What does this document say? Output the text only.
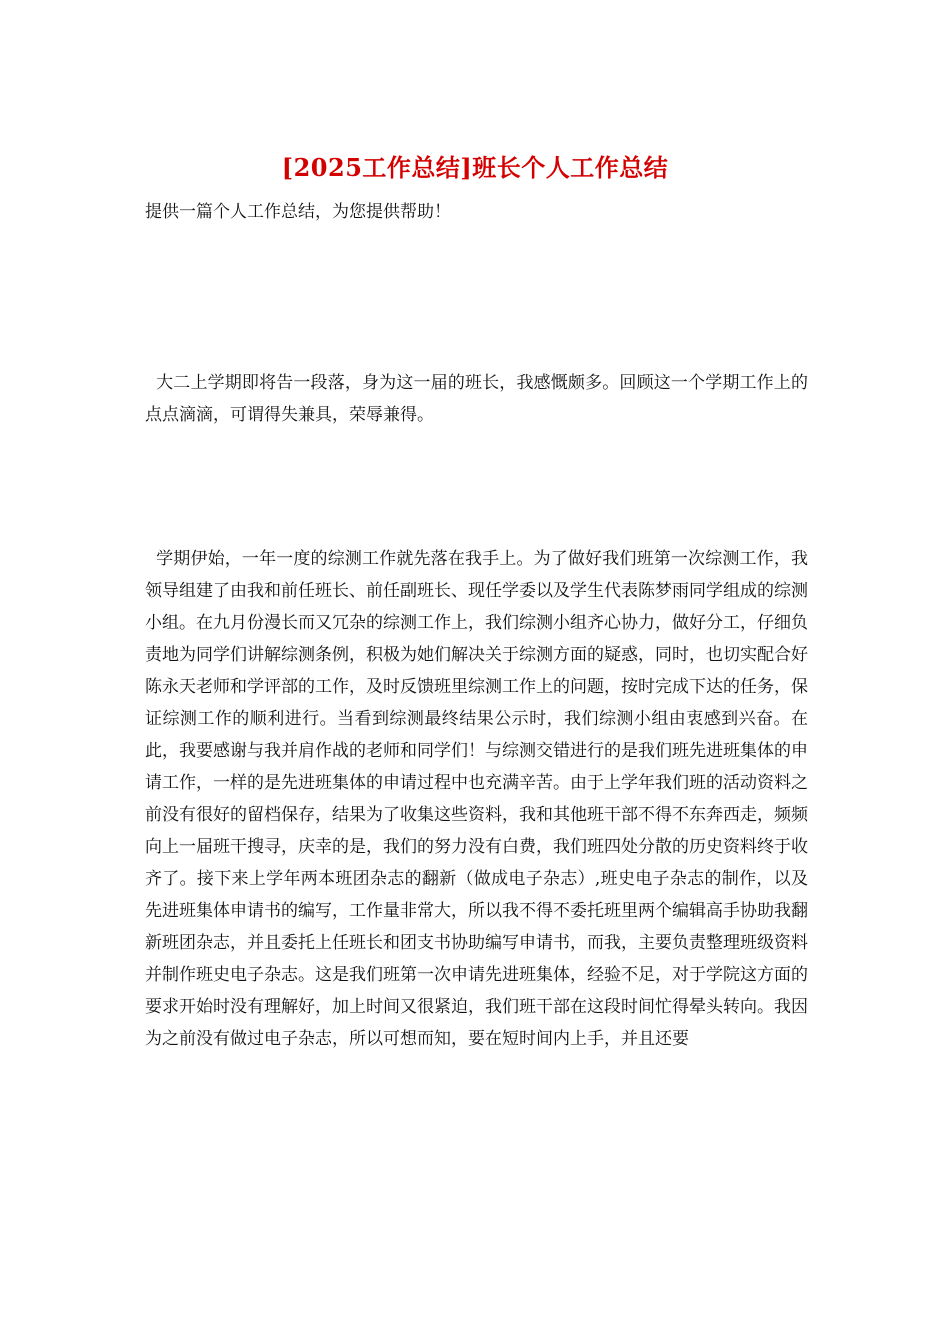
[2025工作总结]班长个人工作总结

提供一篇个人工作总结，为您提供帮助！

大二上学期即将告一段落，身为这一届的班长，我感慨颇多。回顾这一个学期工作上的点点滴滴，可谓得失兼具，荣辱兼得。

学期伊始，一年一度的综测工作就先落在我手上。为了做好我们班第一次综测工作，我领导组建了由我和前任班长、前任副班长、现任学委以及学生代表陈梦雨同学组成的综测小组。在九月份漫长而又冗杂的综测工作上，我们综测小组齐心协力，做好分工，仔细负责地为同学们讲解综测条例，积极为她们解决关于综测方面的疑惑，同时，也切实配合好陈永天老师和学评部的工作，及时反馈班里综测工作上的问题，按时完成下达的任务，保证综测工作的顺利进行。当看到综测最终结果公示时，我们综测小组由衷感到兴奋。在此，我要感谢与我并肩作战的老师和同学们！与综测交错进行的是我们班先进班集体的申请工作，一样的是先进班集体的申请过程中也充满辛苦。由于上学年我们班的活动资料之前没有很好的留档保存，结果为了收集这些资料，我和其他班干部不得不东奔西走，频频向上一届班干搜寻，庆幸的是，我们的努力没有白费，我们班四处分散的历史资料终于收齐了。接下来上学年两本班团杂志的翻新（做成电子杂志）,班史电子杂志的制作，以及先进班集体申请书的编写，工作量非常大，所以我不得不委托班里两个编辑高手协助我翻新班团杂志，并且委托上任班长和团支书协助编写申请书，而我，主要负责整理班级资料并制作班史电子杂志。这是我们班第一次申请先进班集体，经验不足，对于学院这方面的要求开始时没有理解好，加上时间又很紧迫，我们班干部在这段时间忙得晕头转向。我因为之前没有做过电子杂志，所以可想而知，要在短时间内上手，并且还要
